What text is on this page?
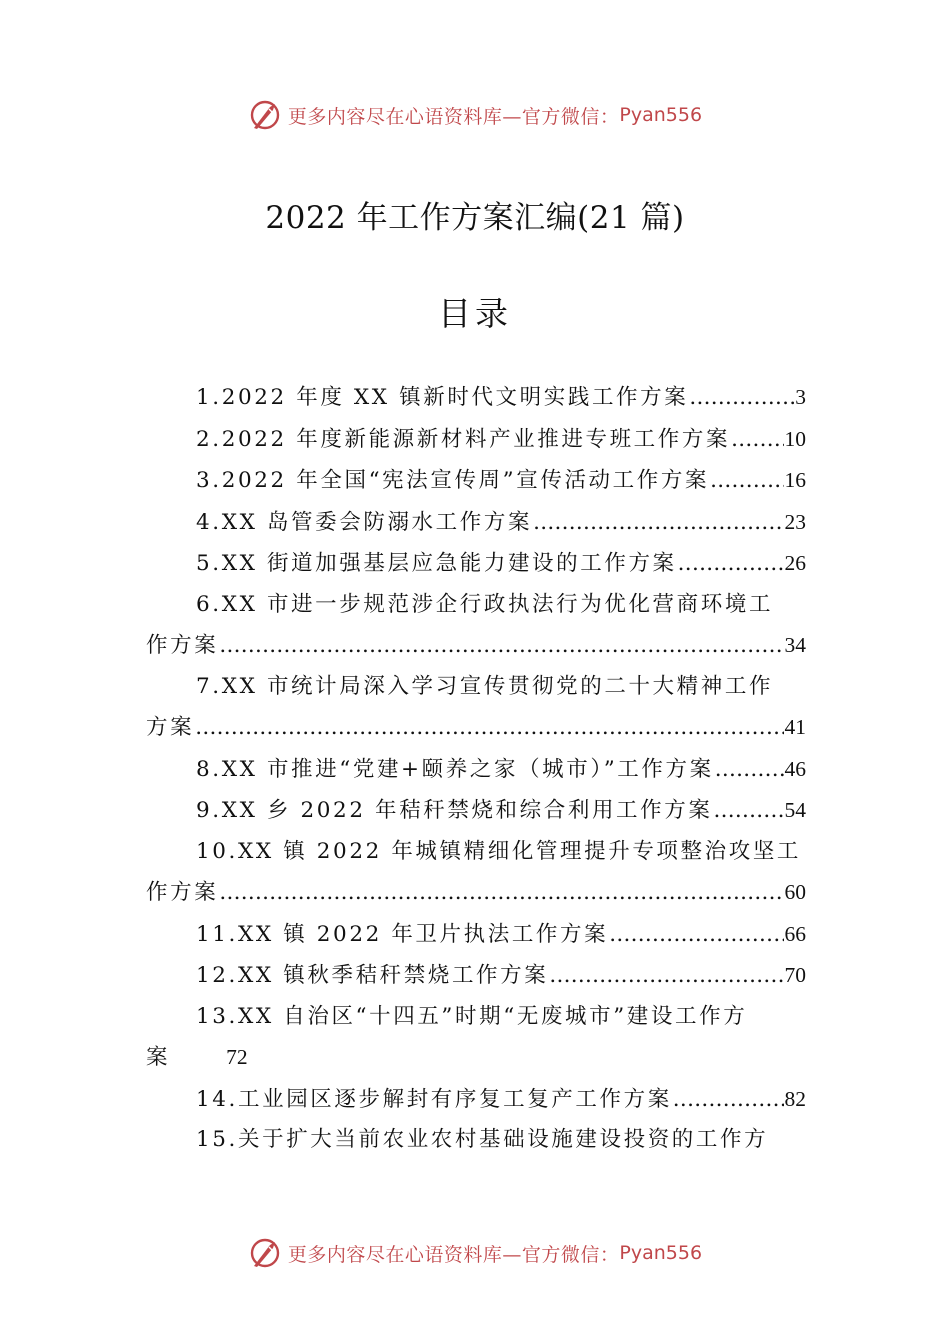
更多内容尽在心语资料库—官方微信： Pyan556
2022 年工作方案汇编(21 篇)
目录
1.2022 年度 XX 镇新时代文明实践工作方案 .....	3
2.2022 年度新能源新材料产业推进专班工作方案 .....	10
3.2022 年全国“宪法宣传周”宣传活动工作方案 .....	16
4.XX 岛管委会防溺水工作方案 .....	23
5.XX 街道加强基层应急能力建设的工作方案 .....	26
6.XX 市进一步规范涉企行政执法行为优化营商环境工
作方案 .....	34
7.XX 市统计局深入学习宣传贯彻党的二十大精神工作
方案 .....	41
8.XX 市推进“党建+颐养之家（城市）”工作方案 .....	46
9.XX 乡 2022 年秸秆禁烧和综合利用工作方案 .....	54
10.XX 镇 2022 年城镇精细化管理提升专项整治攻坚工
作方案 .....	60
11.XX 镇 2022 年卫片执法工作方案 .....	66
12.XX 镇秋季秸秆禁烧工作方案 .....	70
13.XX 自治区“十四五”时期“无废城市”建设工作方
案	72
14.工业园区逐步解封有序复工复产工作方案 .....	82
15.关于扩大当前农业农村基础设施建设投资的工作方
更多内容尽在心语资料库—官方微信： Pyan556
